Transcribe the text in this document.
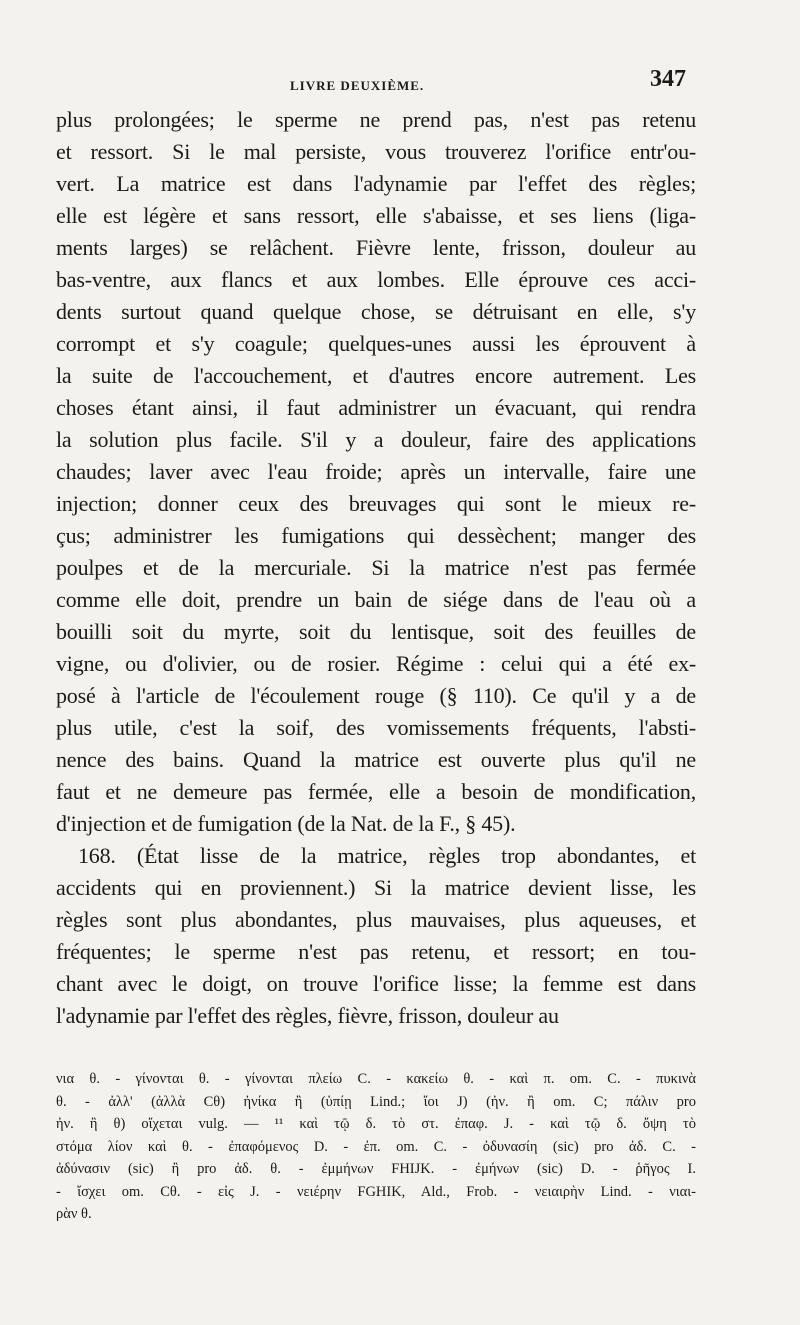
LIVRE DEUXIÈME.	347
plus prolongées; le sperme ne prend pas, n'est pas retenu
et ressort. Si le mal persiste, vous trouverez l'orifice entr'ou-
vert. La matrice est dans l'adynamie par l'effet des règles;
elle est légère et sans ressort, elle s'abaisse, et ses liens (liga-
ments larges) se relâchent. Fièvre lente, frisson, douleur au
bas-ventre, aux flancs et aux lombes. Elle éprouve ces acci-
dents surtout quand quelque chose, se détruisant en elle, s'y
corrompt et s'y coagule; quelques-unes aussi les éprouvent à
la suite de l'accouchement, et d'autres encore autrement. Les
choses étant ainsi, il faut administrer un évacuant, qui rendra
la solution plus facile. S'il y a douleur, faire des applications
chaudes; laver avec l'eau froide; après un intervalle, faire une
injection; donner ceux des breuvages qui sont le mieux re-
çus; administrer les fumigations qui dessèchent; manger des
poulpes et de la mercuriale. Si la matrice n'est pas fermée
comme elle doit, prendre un bain de siége dans de l'eau où a
bouilli soit du myrte, soit du lentisque, soit des feuilles de
vigne, ou d'olivier, ou de rosier. Régime : celui qui a été ex-
posé à l'article de l'écoulement rouge (§ 110). Ce qu'il y a de
plus utile, c'est la soif, des vomissements fréquents, l'absti-
nence des bains. Quand la matrice est ouverte plus qu'il ne
faut et ne demeure pas fermée, elle a besoin de mondification,
d'injection et de fumigation (de la Nat. de la F., § 45).
168. (État lisse de la matrice, règles trop abondantes, et
accidents qui en proviennent.) Si la matrice devient lisse, les
règles sont plus abondantes, plus mauvaises, plus aqueuses, et
fréquentes; le sperme n'est pas retenu, et ressort; en tou-
chant avec le doigt, on trouve l'orifice lisse; la femme est dans
l'adynamie par l'effet des règles, fièvre, frisson, douleur au
νια θ. - γίνονται θ. - γίνονται πλείω C. - κακείω θ. - καὶ π. om. C. - πυκινὰ
θ. - ἀλλ' (ἀλλὰ Cθ) ἠνίκα ἢ (ὑπίῃ Lind.; ἴοι J) (ἠν. ἢ om. C; πάλιν pro
ἠν. ἢ θ) οἴχεται vulg. — ¹¹ καὶ τῷ δ. τὸ στ. ἐπαφ. J. - καὶ τῷ δ. ὄψη τὸ
στόμα λίον καὶ θ. - ἐπαφόμενος D. - ἐπ. om. C. - ὀδυνασίη (sic) pro ἀδ. C. -
ἀδύνασιν (sic) ἢ pro ἀδ. θ. - ἐμμήνων FHIJK. - ἐμήνων (sic) D. - ῥῆγος I.
- ἴσχει om. Cθ. - εἰς J. - νειέρην FGHIK, Ald., Frob. - νειαιρὴν Lind. - νιαι-
ρὰν θ.
